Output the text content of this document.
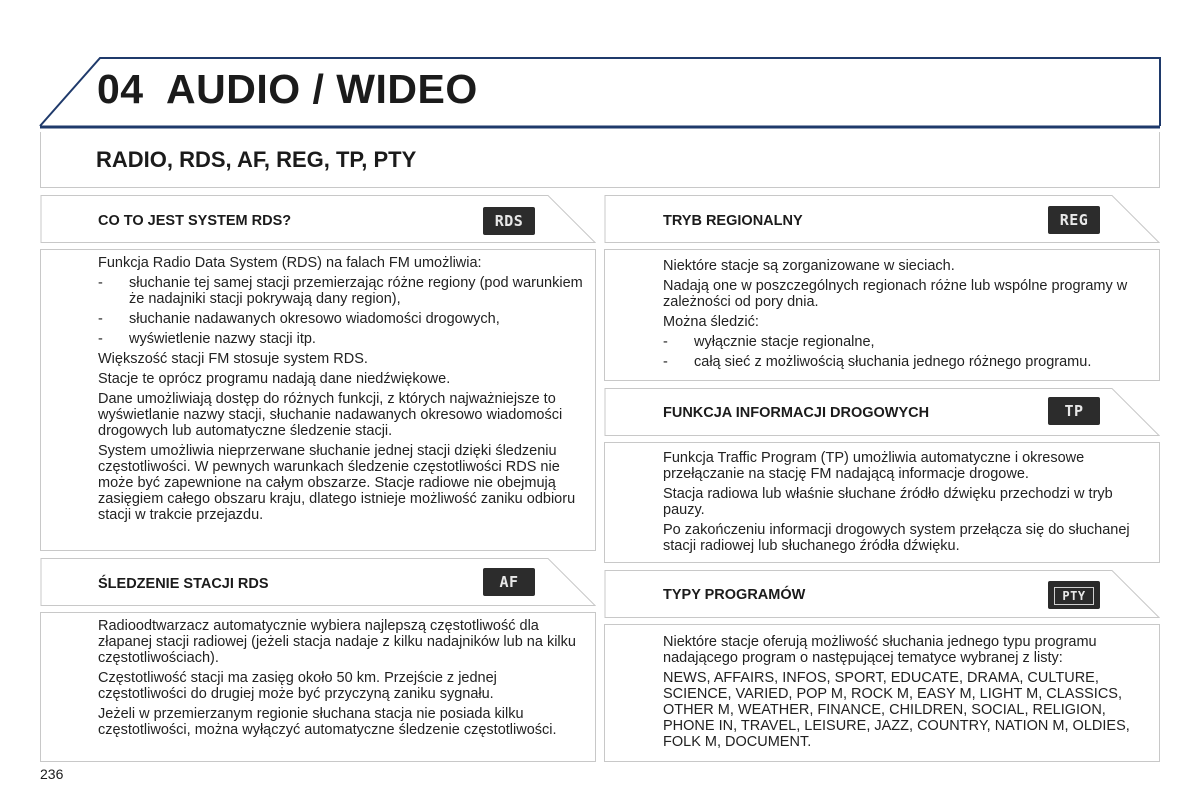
04 AUDIO / WIDEO
RADIO, RDS, AF, REG, TP, PTY
CO TO JEST SYSTEM RDS?	RDS

Funkcja Radio Data System (RDS) na falach FM umożliwia:

- słuchanie tej samej stacji przemierzając różne regiony (pod warunkiem że nadajniki stacji pokrywają dany region),

- słuchanie nadawanych okresowo wiadomości drogowych,

- wyświetlenie nazwy stacji itp.

Większość stacji FM stosuje system RDS.

Stacje te oprócz programu nadają dane niedźwiękowe.

Dane umożliwiają dostęp do różnych funkcji, z których najważniejsze to wyświetlanie nazwy stacji, słuchanie nadawanych okresowo wiadomości drogowych lub automatyczne śledzenie stacji.

System umożliwia nieprzerwane słuchanie jednej stacji dzięki śledzeniu częstotliwości. W pewnych warunkach śledzenie częstotliwości RDS nie może być zapewnione na całym obszarze. Stacje radiowe nie obejmują zasięgiem całego obszaru kraju, dlatego istnieje możliwość zaniku odbioru stacji w trakcie przejazdu.

ŚLEDZENIE STACJI RDS	AF

Radioodtwarzacz automatycznie wybiera najlepszą częstotliwość dla złapanej stacji radiowej (jeżeli stacja nadaje z kilku nadajników lub na kilku częstotliwościach).

Częstotliwość stacji ma zasięg około 50 km. Przejście z jednej częstotliwości do drugiej może być przyczyną zaniku sygnału.

Jeżeli w przemierzanym regionie słuchana stacja nie posiada kilku częstotliwości, można wyłączyć automatyczne śledzenie częstotliwości.

TRYB REGIONALNY	REG

Niektóre stacje są zorganizowane w sieciach.

Nadają one w poszczególnych regionach różne lub wspólne programy w zależności od pory dnia.

Można śledzić:

- wyłącznie stacje regionalne,

- całą sieć z możliwością słuchania jednego różnego programu.

FUNKCJA INFORMACJI DROGOWYCH	TP

Funkcja Traffic Program (TP) umożliwia automatyczne i okresowe przełączanie na stację FM nadającą informacje drogowe.

Stacja radiowa lub właśnie słuchane źródło dźwięku przechodzi w tryb pauzy.

Po zakończeniu informacji drogowych system przełącza się do słuchanej stacji radiowej lub słuchanego źródła dźwięku.

TYPY PROGRAMÓW	PTY

Niektóre stacje oferują możliwość słuchania jednego typu programu nadającego program o następującej tematyce wybranej z listy:

NEWS, AFFAIRS, INFOS, SPORT, EDUCATE, DRAMA, CULTURE, SCIENCE, VARIED, POP M, ROCK M, EASY M, LIGHT M, CLASSICS, OTHER M, WEATHER, FINANCE, CHILDREN, SOCIAL, RELIGION, PHONE IN, TRAVEL, LEISURE, JAZZ, COUNTRY, NATION M, OLDIES, FOLK M, DOCUMENT.

236
